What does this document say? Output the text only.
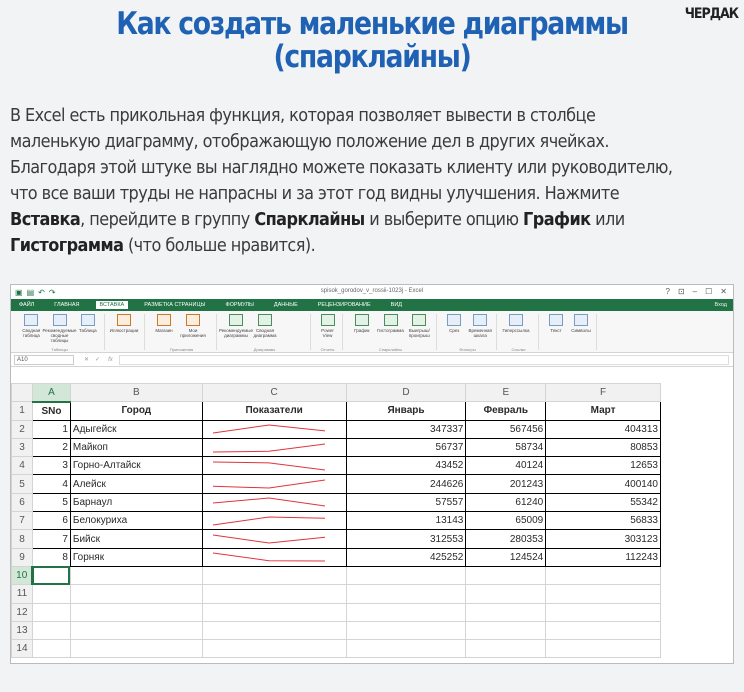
ЧЕРДАК
Как создать маленькие диаграммы
(спарклайны)
В Excel есть прикольная функция, которая позволяет вывести в столбце
маленькую диаграмму, отображающую положение дел в других ячейках.
Благодаря этой штуке вы наглядно можете показать клиенту или руководителю,
что все ваши труды не напрасны и за этот год видны улучшения. Нажмите
Вставка, перейдите в группу Спарклайны и выберите опцию График или
Гистограмма (что больше нравится).
▣ ▤ ↶ ↷	spisok_gorodov_v_rossii-1023j - Excel	? ⊡ – ☐ ✕
ФАЙЛ	ГЛАВНАЯ	ВСТАВКА	РАЗМЕТКА СТРАНИЦЫ	ФОРМУЛЫ	ДАННЫЕ	РЕЦЕНЗИРОВАНИЕ	ВИД	Вход
Сводная таблица
Рекомендуемые сводные таблицы
Таблица
Таблицы
Иллюстрации	Магазин	Мои приложения
Приложения
Рекомендуемые диаграммы
Сводная диаграмма
Диаграммы
Power View
Отчеты
График Гистограмма	Выигрыш/ проигрыш
Спарклайны
Срез Временная шкала
Фильтры
Гиперссылка
Ссылки
Текст Символы
A10	✕ ✓ fx
	A	B	C	D	E	F
1	SNo	Город	Показатели	Январь	Февраль	Март
2	1	Адыгейск		347337	567456	404313
3	2	Майкоп		56737	58734	80853
4	3	Горно-Алтайск		43452	40124	12653
5	4	Алейск		244626	201243	400140
6	5	Барнаул		57557	61240	55342
7	6	Белокуриха		13143	65009	56833
8	7	Бийск		312553	280353	303123
9	8	Горняк		425252	124524	112243
10						
11						
12						
13						
14						
